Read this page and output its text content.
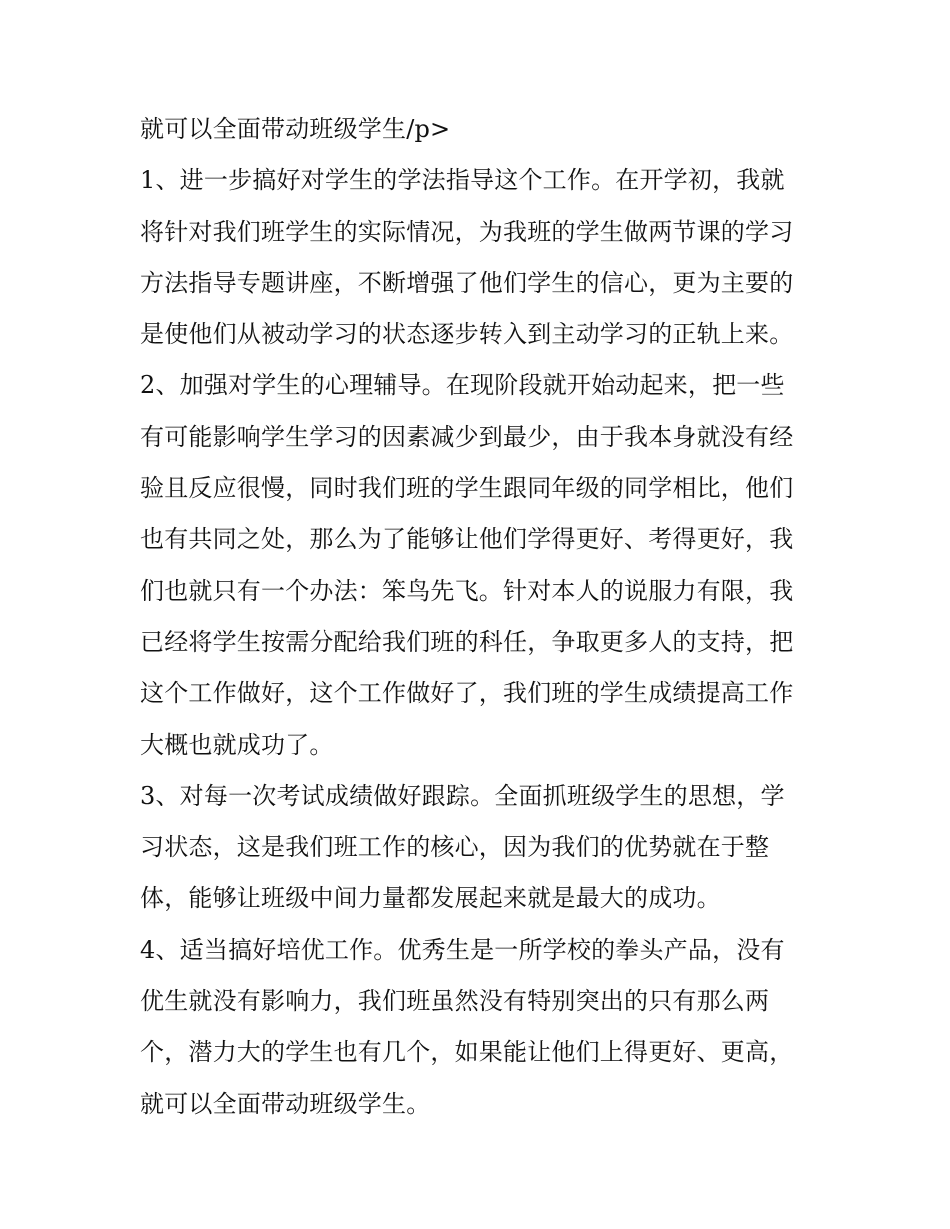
就可以全面带动班级学生/p>
1、进一步搞好对学生的学法指导这个工作。在开学初，我就
将针对我们班学生的实际情况，为我班的学生做两节课的学习
方法指导专题讲座，不断增强了他们学生的信心，更为主要的
是使他们从被动学习的状态逐步转入到主动学习的正轨上来。
2、加强对学生的心理辅导。在现阶段就开始动起来，把一些
有可能影响学生学习的因素减少到最少，由于我本身就没有经
验且反应很慢，同时我们班的学生跟同年级的同学相比，他们
也有共同之处，那么为了能够让他们学得更好、考得更好，我
们也就只有一个办法：笨鸟先飞。针对本人的说服力有限，我
已经将学生按需分配给我们班的科任，争取更多人的支持，把
这个工作做好，这个工作做好了，我们班的学生成绩提高工作
大概也就成功了。
3、对每一次考试成绩做好跟踪。全面抓班级学生的思想，学
习状态，这是我们班工作的核心，因为我们的优势就在于整
体，能够让班级中间力量都发展起来就是最大的成功。
4、适当搞好培优工作。优秀生是一所学校的拳头产品，没有
优生就没有影响力，我们班虽然没有特别突出的只有那么两
个，潜力大的学生也有几个，如果能让他们上得更好、更高，
就可以全面带动班级学生。
